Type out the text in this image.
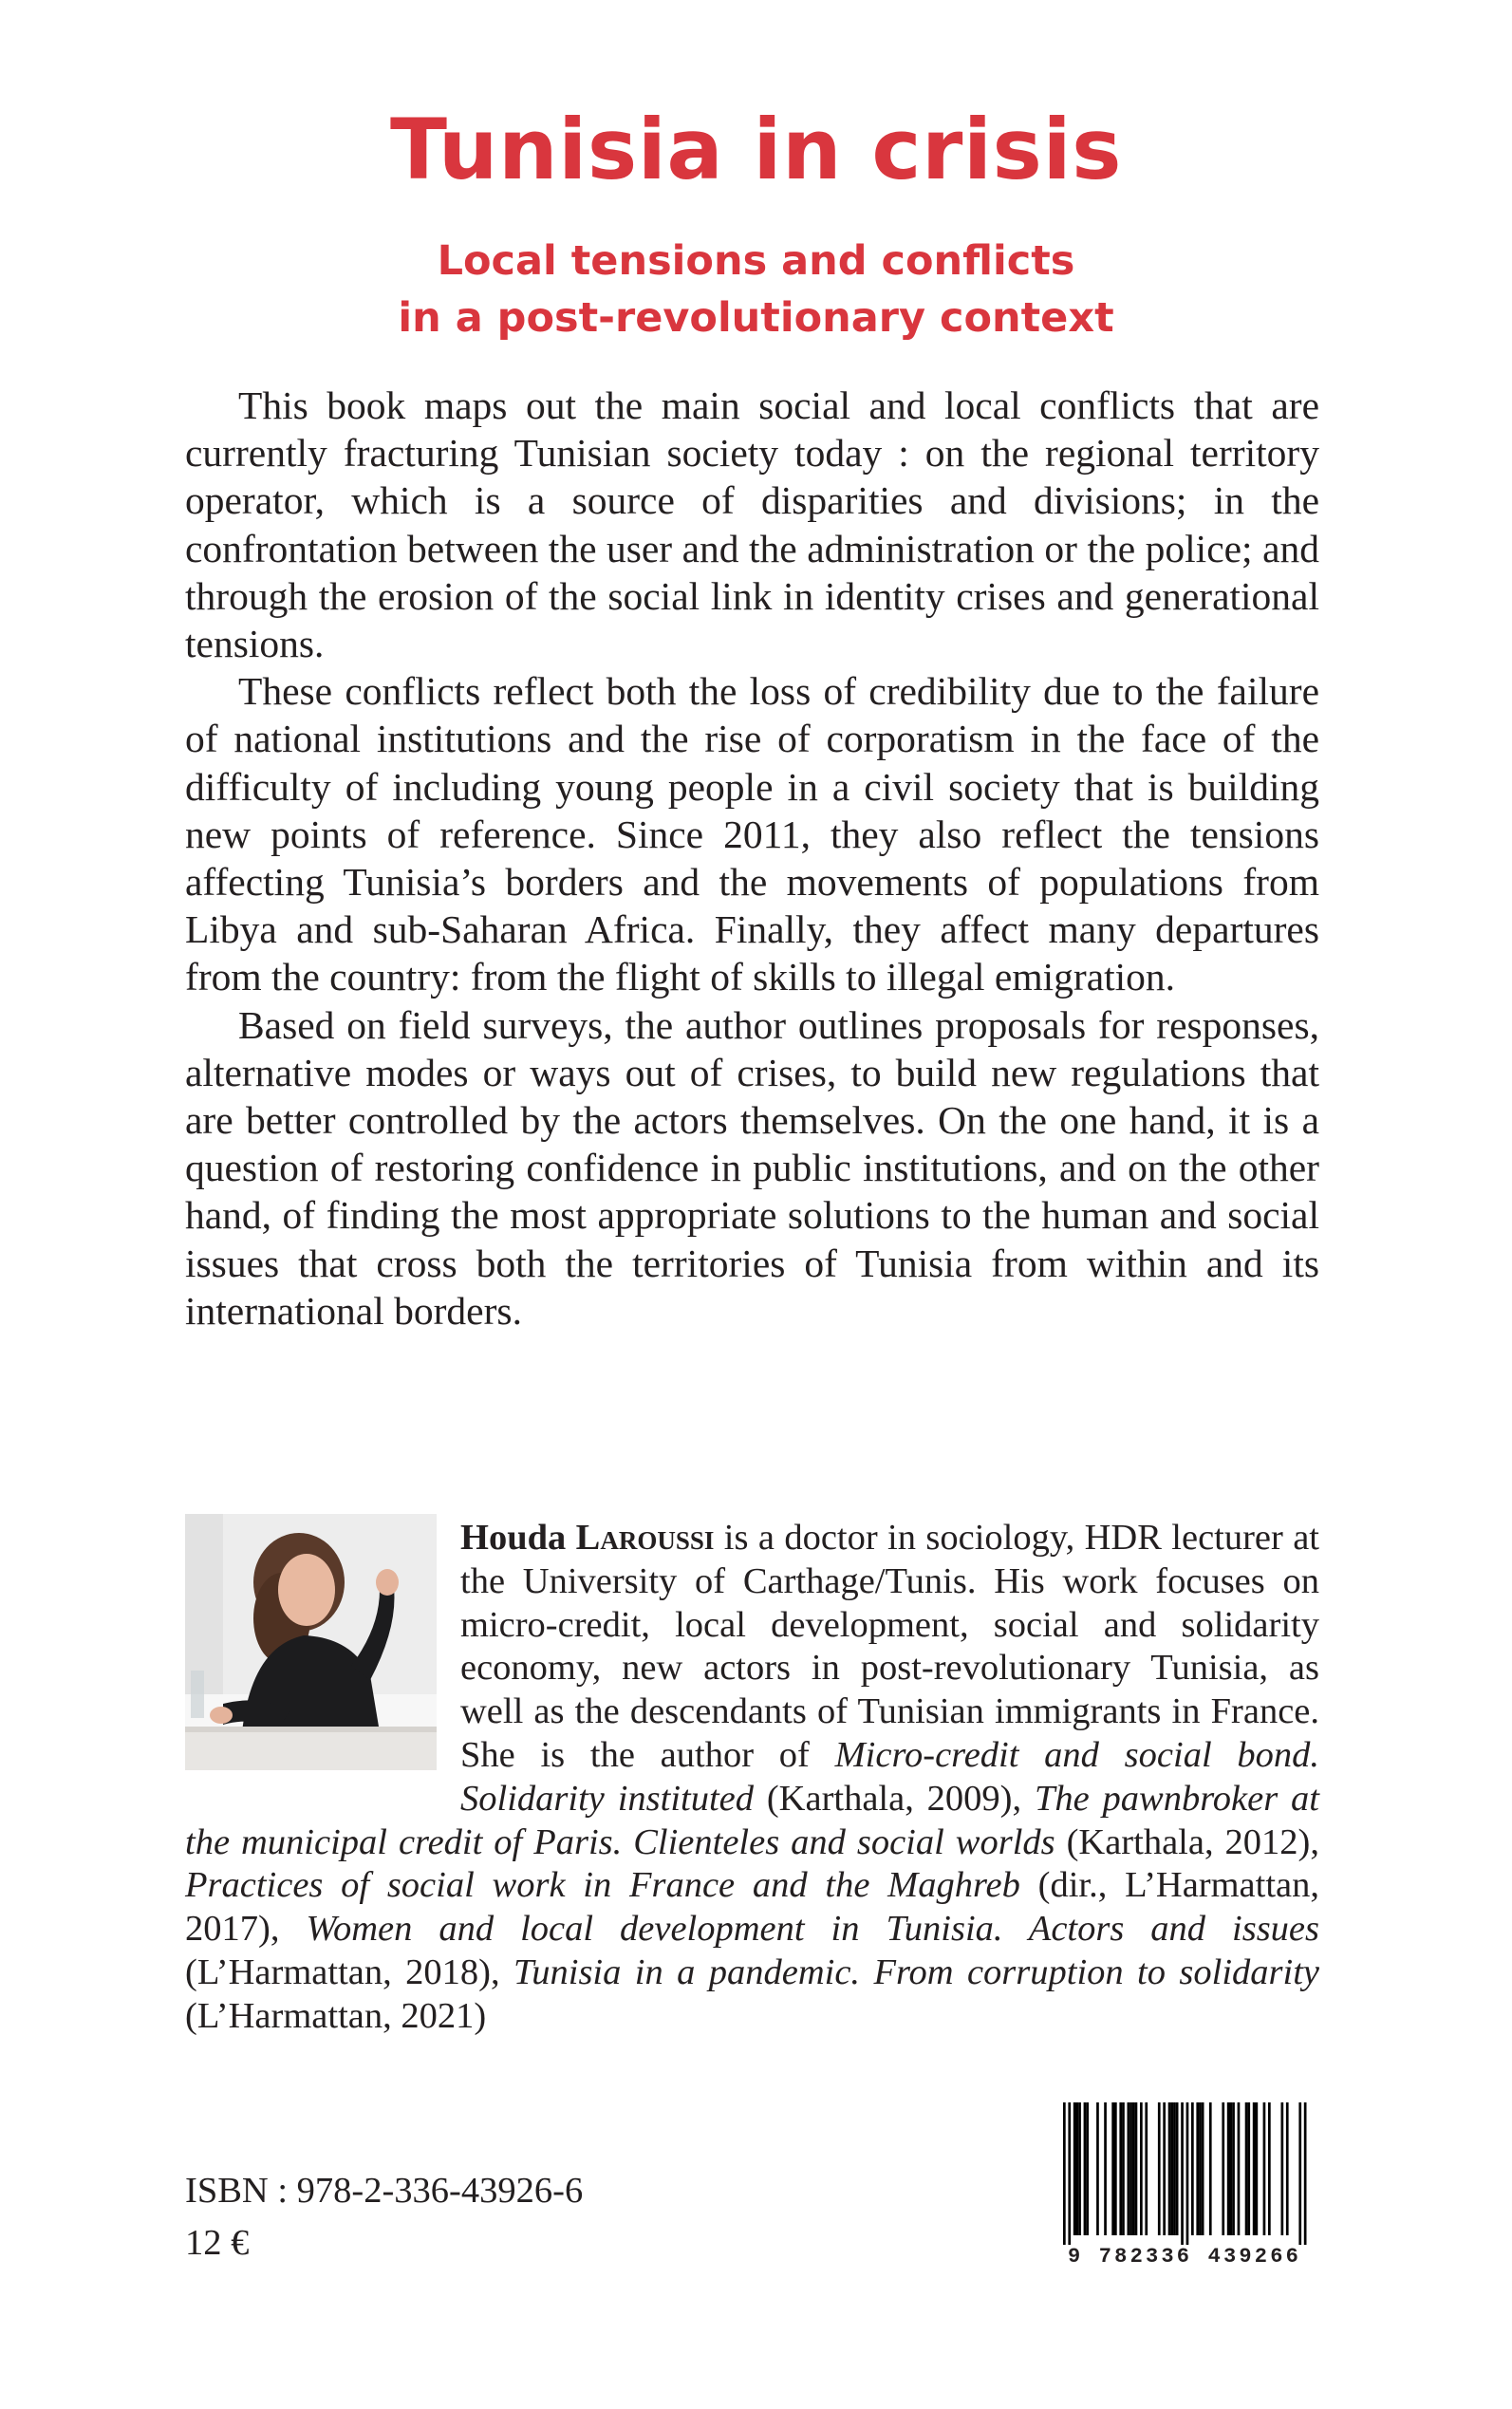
Tunisia in crisis
Local tensions and conflicts
in a post-revolutionary context

This book maps out the main social and local conflicts that are currently fracturing Tunisian society today : on the regional territory operator, which is a source of disparities and divisions; in the confrontation between the user and the administration or the police; and through the erosion of the social link in identity crises and generational tensions.

These conflicts reflect both the loss of credibility due to the failure of national institutions and the rise of corporatism in the face of the difficulty of including young people in a civil society that is building new points of reference. Since 2011, they also reflect the tensions affecting Tunisia’s borders and the movements of populations from Libya and sub-Saharan Africa. Finally, they affect many departures from the country: from the flight of skills to illegal emigration.

Based on field surveys, the author outlines proposals for responses, alternative modes or ways out of crises, to build new regulations that are better controlled by the actors themselves. On the one hand, it is a question of restoring confidence in public institutions, and on the other hand, of finding the most appropriate solutions to the human and social issues that cross both the territories of Tunisia from within and its international borders.

Houda Laroussi is a doctor in sociology, HDR lecturer at the University of Carthage/Tunis. His work focuses on micro-credit, local development, social and solidarity economy, new actors in post-revolutionary Tunisia, as well as the descendants of Tunisian immigrants in France. She is the author of Micro-credit and social bond. Solidarity instituted (Karthala, 2009), The pawnbroker at the municipal credit of Paris. Clienteles and social worlds (Karthala, 2012), Practices of social work in France and the Maghreb (dir., L’Harmattan, 2017), Women and local development in Tunisia. Actors and issues (L’Harmattan, 2018), Tunisia in a pandemic. From corruption to solidarity (L’Harmattan, 2021)
ISBN : 978-2-336-43926-6
12 €	9 782336 439266
